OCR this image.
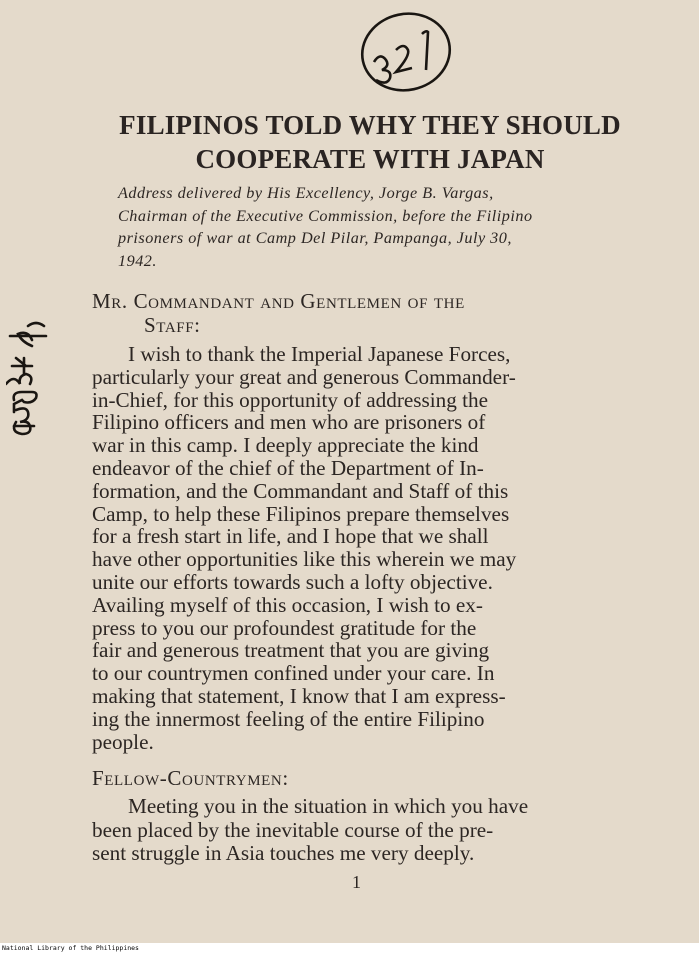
FILIPINOS TOLD WHY THEY SHOULD
COOPERATE WITH JAPAN

Address delivered by His Excellency, Jorge B. Vargas,
Chairman of the Executive Commission, before the Filipino
prisoners of war at Camp Del Pilar, Pampanga, July 30,
1942.

Mr. Commandant and Gentlemen of the
Staff:

I wish to thank the Imperial Japanese Forces,
particularly your great and generous Commander-
in-Chief, for this opportunity of addressing the
Filipino officers and men who are prisoners of
war in this camp. I deeply appreciate the kind
endeavor of the chief of the Department of In-
formation, and the Commandant and Staff of this
Camp, to help these Filipinos prepare themselves
for a fresh start in life, and I hope that we shall
have other opportunities like this wherein we may
unite our efforts towards such a lofty objective.
Availing myself of this occasion, I wish to ex-
press to you our profoundest gratitude for the
fair and generous treatment that you are giving
to our countrymen confined under your care. In
making that statement, I know that I am express-
ing the innermost feeling of the entire Filipino
people.

Fellow-Countrymen:

Meeting you in the situation in which you have
been placed by the inevitable course of the pre-
sent struggle in Asia touches me very deeply.

1
National Library of the Philippines
